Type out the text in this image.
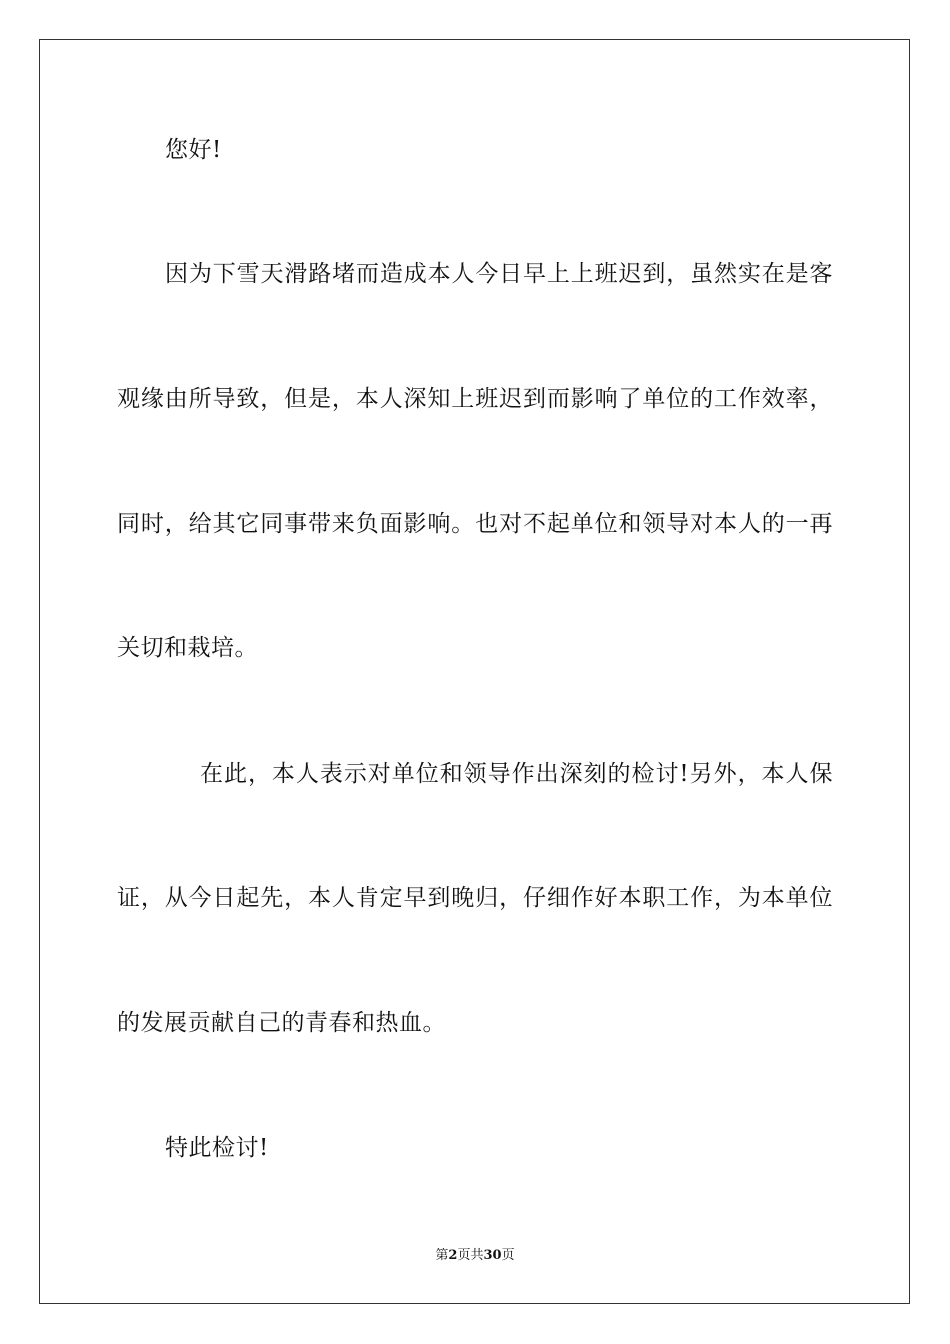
您好!
因为下雪天滑路堵而造成本人今日早上上班迟到，虽然实在是客
观缘由所导致，但是，本人深知上班迟到而影响了单位的工作效率，
同时，给其它同事带来负面影响。也对不起单位和领导对本人的一再
关切和栽培。
在此，本人表示对单位和领导作出深刻的检讨!另外，本人保
证，从今日起先，本人肯定早到晚归，仔细作好本职工作，为本单位
的发展贡献自己的青春和热血。
特此检讨!
第2页共30页
